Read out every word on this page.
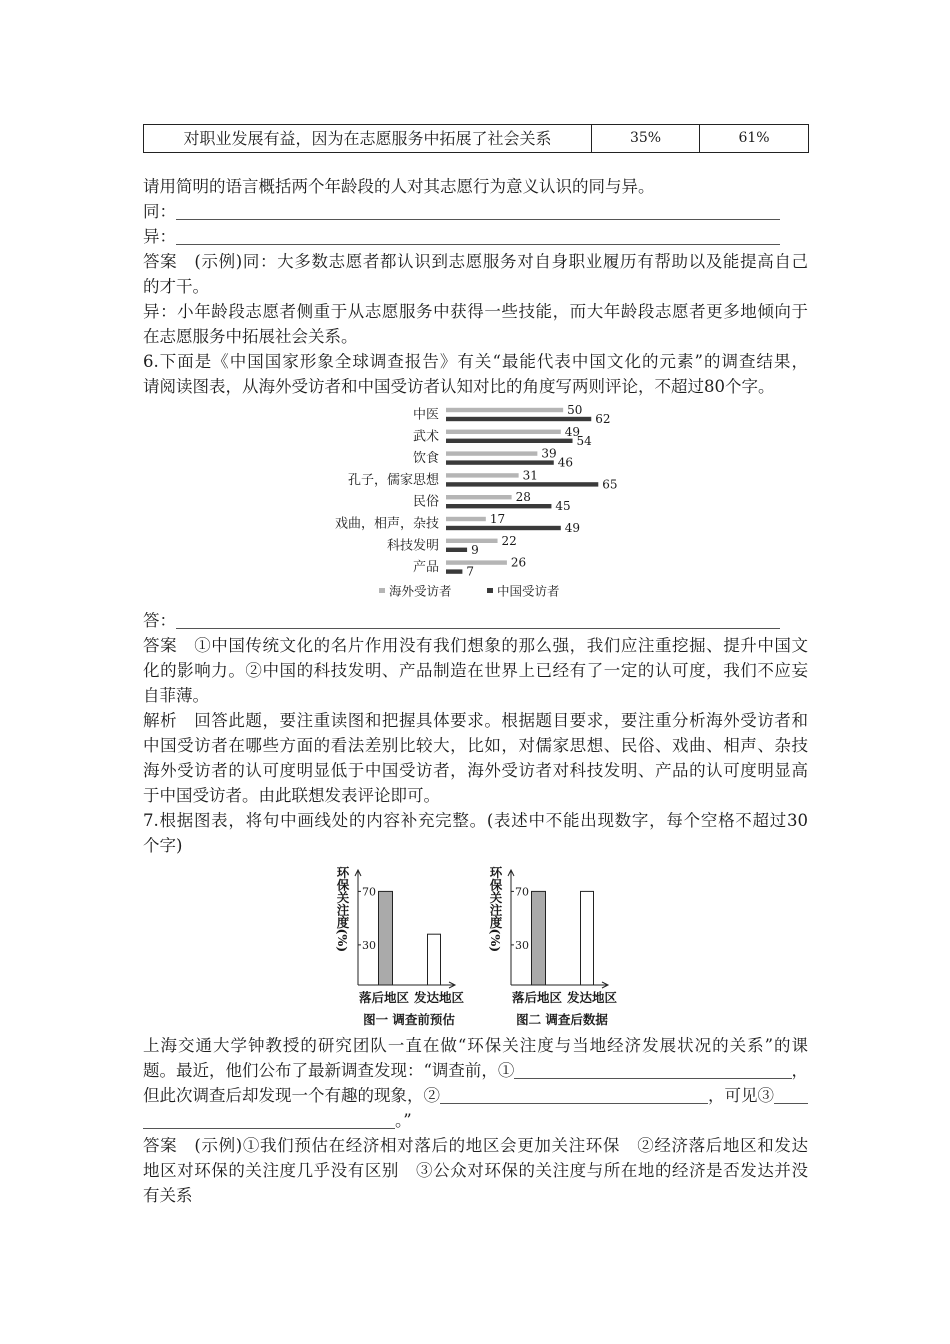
对职业发展有益，因为在志愿服务中拓展了社会关系	35%	61%
请用简明的语言概括两个年龄段的人对其志愿行为意义认识的同与异。
同：
异：
答案　(示例)同：大多数志愿者都认识到志愿服务对自身职业履历有帮助以及能提高自己
的才干。
异：小年龄段志愿者侧重于从志愿服务中获得一些技能，而大年龄段志愿者更多地倾向于
在志愿服务中拓展社会关系。
6.下面是《中国国家形象全球调查报告》有关“最能代表中国文化的元素”的调查结果，
请阅读图表，从海外受访者和中国受访者认知对比的角度写两则评论，不超过80个字。
中医	50
62
武术	49
54
饮食	39
46
孔子，儒家思想	31
65
民俗	28
45
戏曲，相声，杂技	17
49
科技发明	22
9
产品	26
7
海外受访者	中国受访者
答：
答案　①中国传统文化的名片作用没有我们想象的那么强，我们应注重挖掘、提升中国文
化的影响力。②中国的科技发明、产品制造在世界上已经有了一定的认可度，我们不应妄
自菲薄。
解析　回答此题，要注重读图和把握具体要求。根据题目要求，要注重分析海外受访者和
中国受访者在哪些方面的看法差别比较大，比如，对儒家思想、民俗、戏曲、相声、杂技
海外受访者的认可度明显低于中国受访者，海外受访者对科技发明、产品的认可度明显高
于中国受访者。由此联想发表评论即可。
7.根据图表，将句中画线处的内容补充完整。(表述中不能出现数字，每个空格不超过30
个字)
70
30
落后地区 发达地区
图一 调查前预估
70
30
落后地区 发达地区
图二 调查后数据
环保关注度(%)	环保关注度(%)
上海交通大学钟教授的研究团队一直在做“环保关注度与当地经济发展状况的关系”的课
题。最近，他们公布了最新调查发现：“调查前，①	，
但此次调查后却发现一个有趣的现象，②	，可见③
。”
答案　(示例)①我们预估在经济相对落后的地区会更加关注环保　②经济落后地区和发达
地区对环保的关注度几乎没有区别　③公众对环保的关注度与所在地的经济是否发达并没
有关系
